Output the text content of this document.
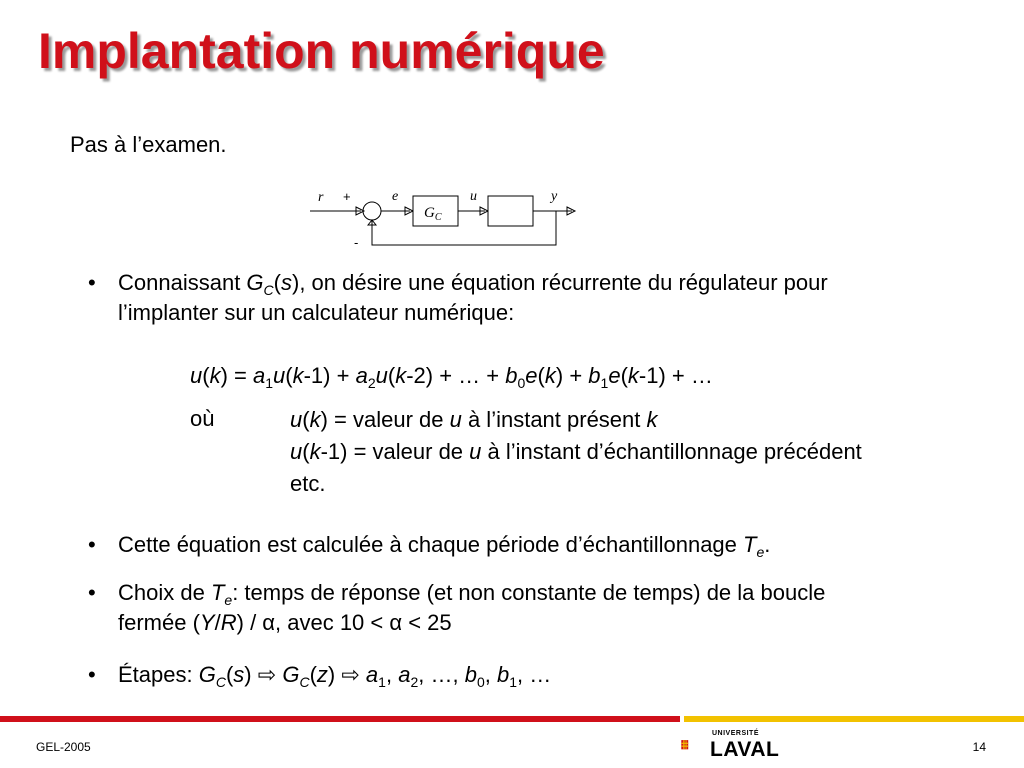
Implantation numérique
Pas à l’examen.
r	e	u	y
+
-
$G_C$
• Connaissant $G_C(s)$, on désire une équation récurrente du régulateur pour
l’implanter sur un calculateur numérique:
$u(k) = a_1u(k-1) + a_2u(k-2)$ + … + $b_0e(k) + b_1e(k-1)$ + …
où	u(k) = valeur de u à l’instant présent k
u(k-1) = valeur de u à l’instant d’échantillonnage précédent
etc.
• Cette équation est calculée à chaque période d’échantillonnage $T_e$.
• Choix de $T_e$: temps de réponse (et non constante de temps) de la boucle
fermée (Y/R) / α, avec 10 < α < 25
• Étapes: $G_C(s)$ ⇨ $G_C(z)$ ⇨ $a_1$, $a_2$, …, $b_0$, $b_1$, …
GEL-2005	14
UNIVERSITÉ
LAVAL
